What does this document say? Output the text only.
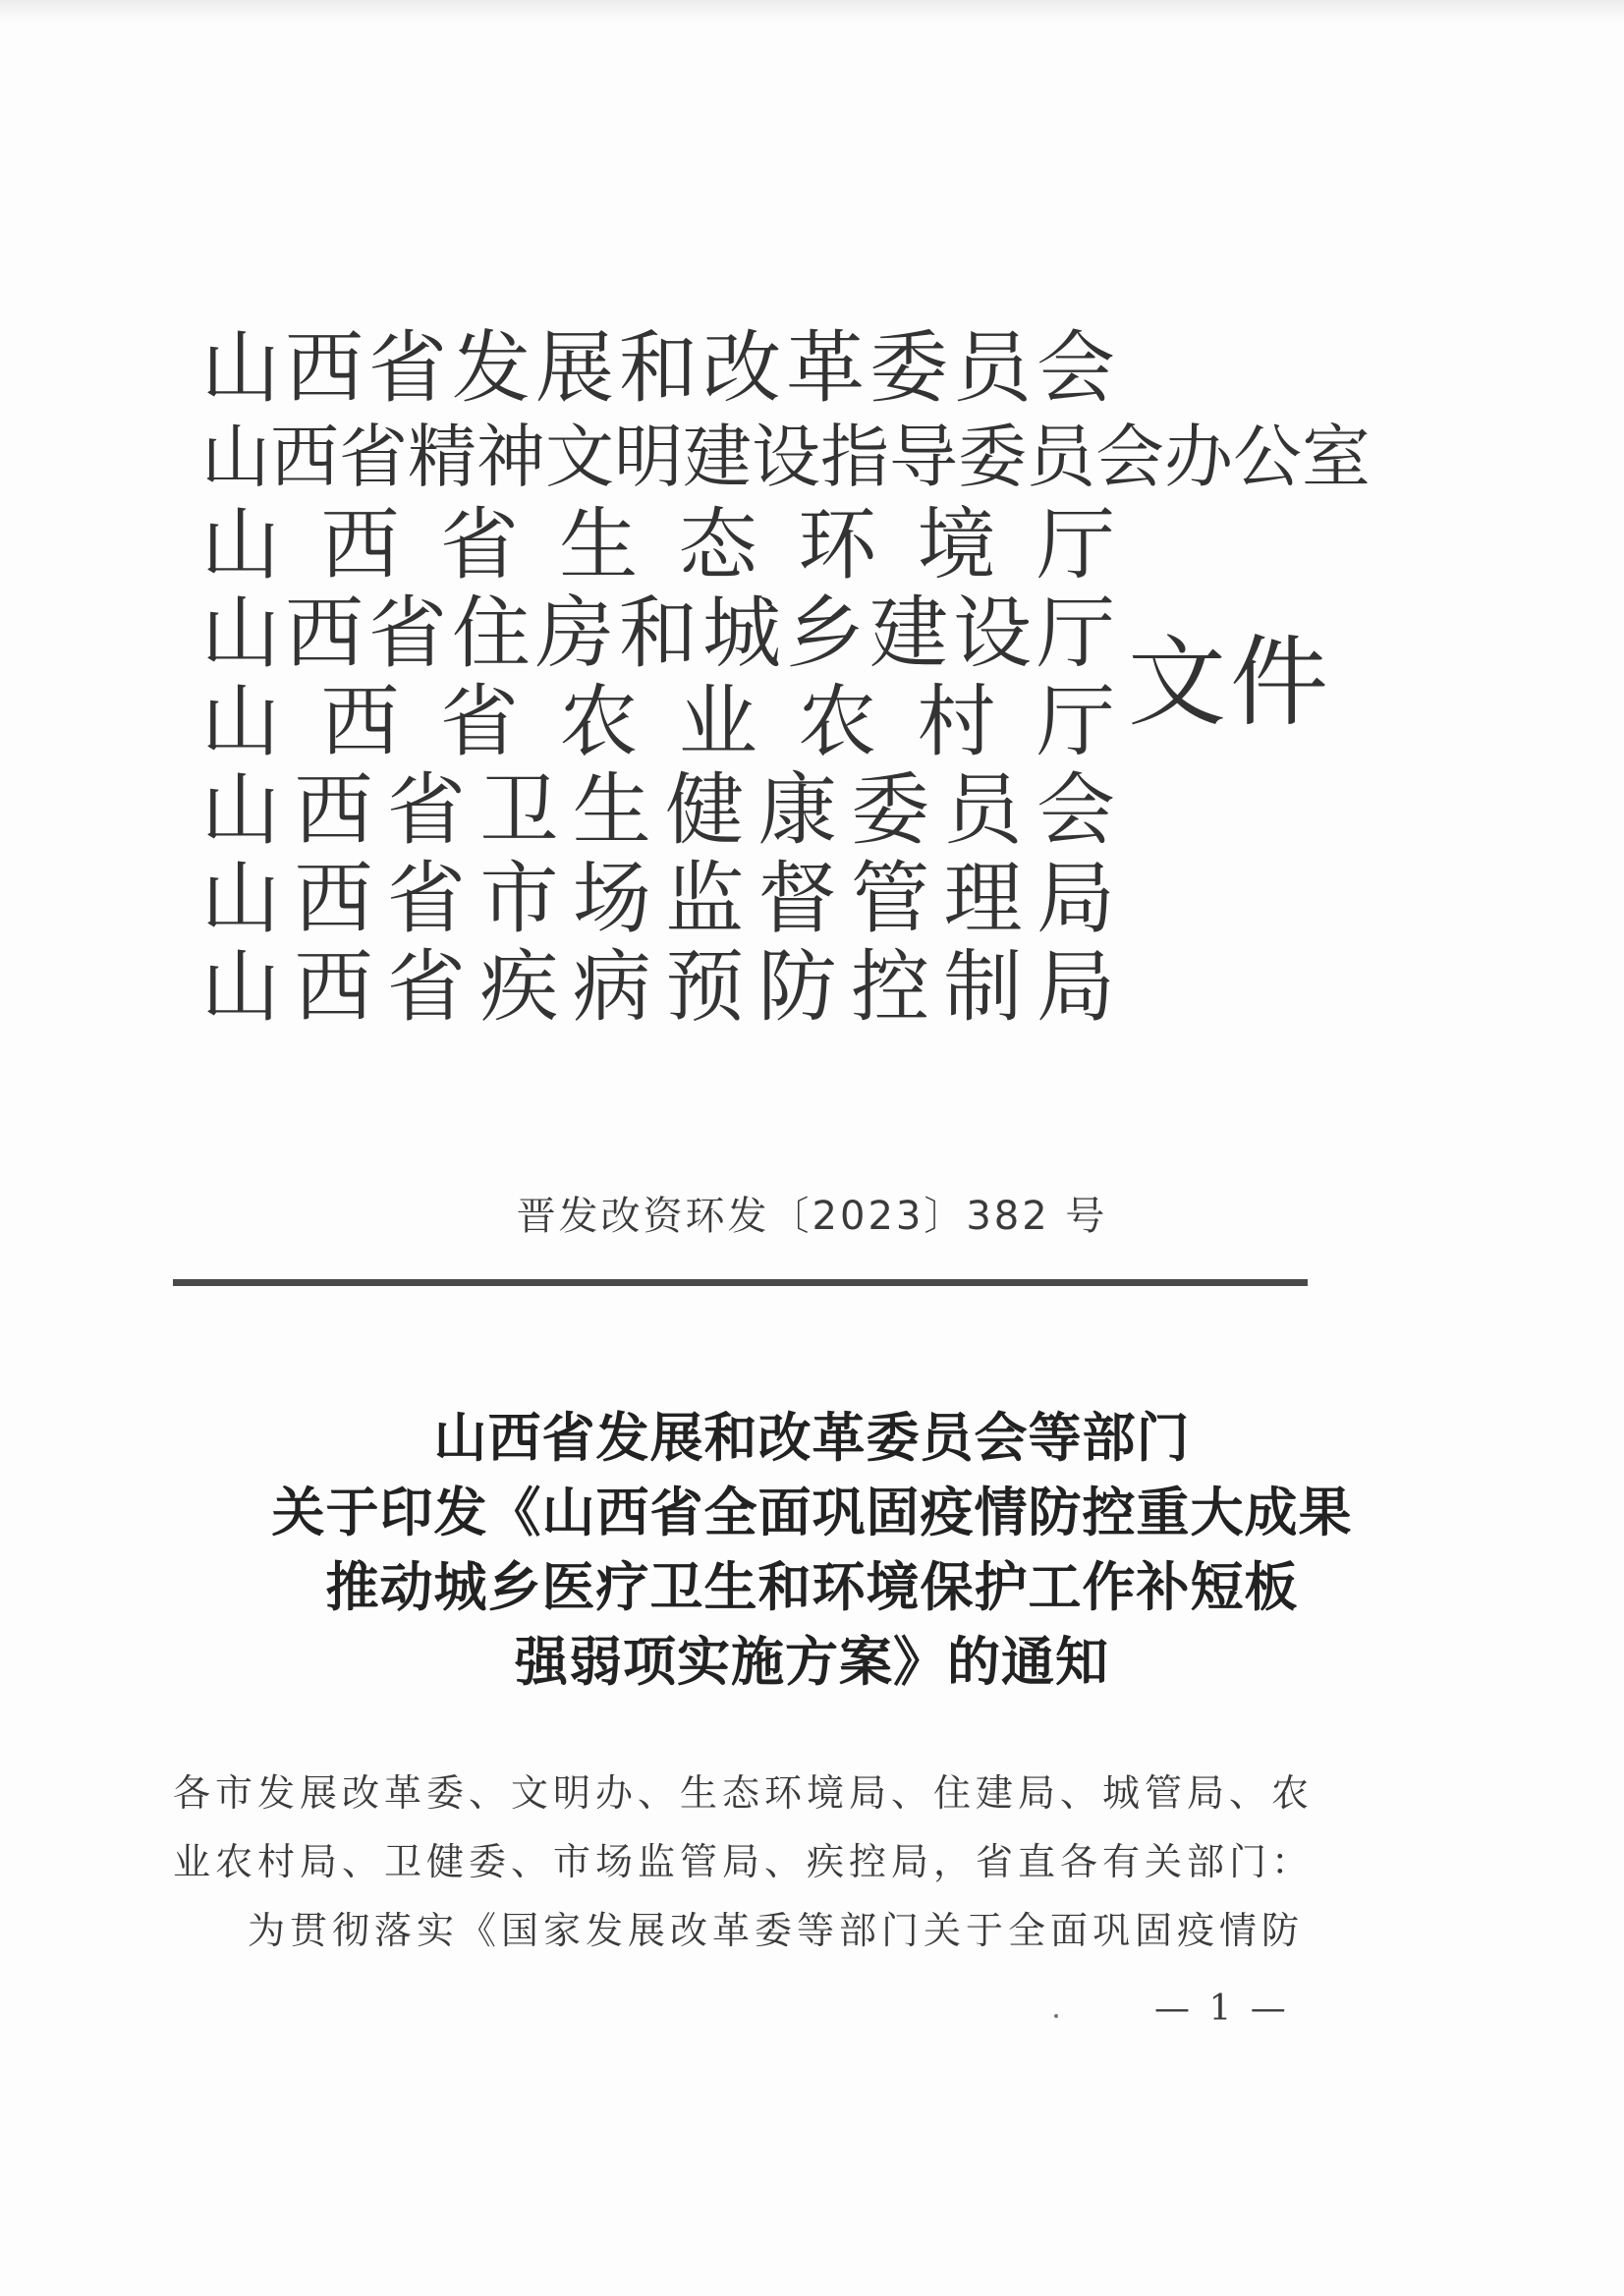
山 西 省 发 展 和 改 革 委 员 会
山 西 省 精 神 文 明 建 设 指 导 委 员 会 办 公 室
山 西 省 生 态 环 境 厅
山 西 省 住 房 和 城 乡 建 设 厅
山 西 省 农 业 农 村 厅
山 西 省 卫 生 健 康 委 员 会
山 西 省 市 场 监 督 管 理 局
山 西 省 疾 病 预 防 控 制 局
文件
晋发改资环发〔2023〕382 号
山西省发展和改革委员会等部门
关于印发《山西省全面巩固疫情防控重大成果
推动城乡医疗卫生和环境保护工作补短板
强弱项实施方案》的通知
各市发展改革委、文明办、生态环境局、住建局、城管局、农
业农村局、卫健委、市场监管局、疾控局，省直各有关部门：
为贯彻落实《国家发展改革委等部门关于全面巩固疫情防
— 1 —
